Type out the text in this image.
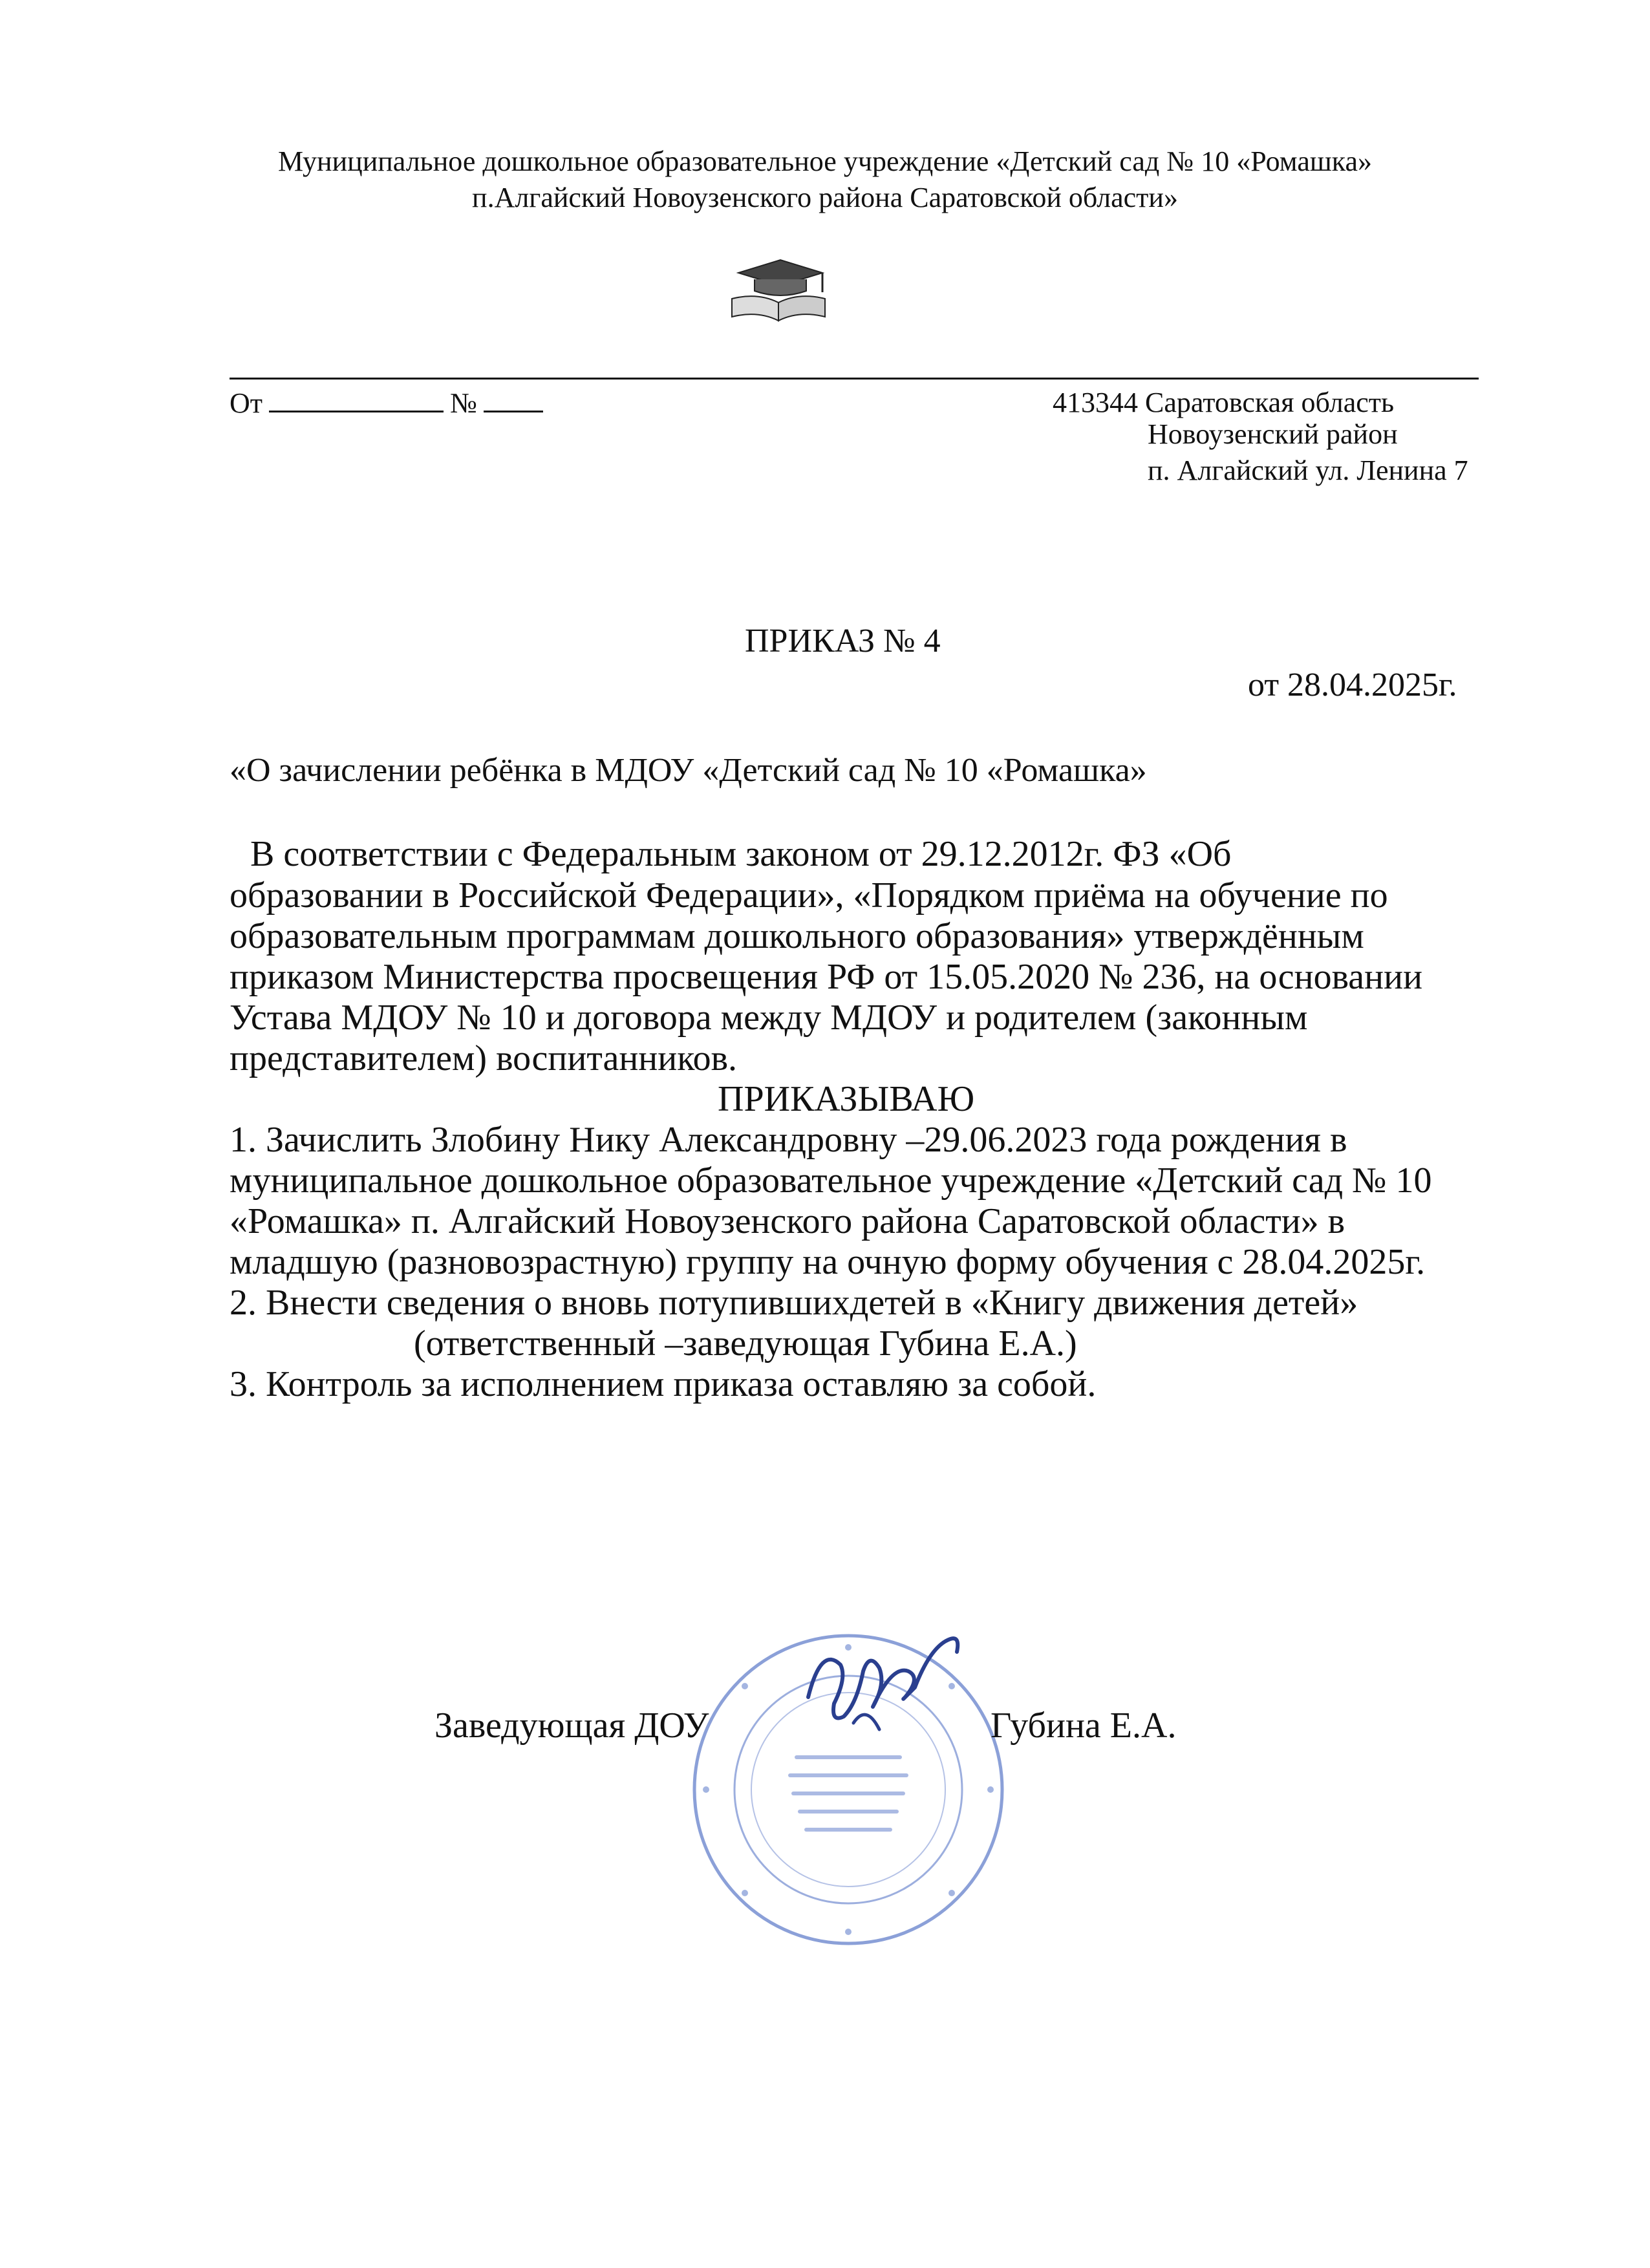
Муниципальное дошкольное образовательное учреждение «Детский сад № 10 «Ромашка»
п.Алгайский Новоузенского района Саратовской области»
От	№	413344 Саратовская область
Новоузенский район
п. Алгайский ул. Ленина 7
ПРИКАЗ № 4
от 28.04.2025г.
«О зачислении ребёнка в МДОУ «Детский сад № 10 «Ромашка»
В соответствии с Федеральным законом от 29.12.2012г. ФЗ «Об
образовании в Российской Федерации», «Порядком приёма на обучение по
образовательным программам дошкольного образования» утверждённым
приказом Министерства просвещения РФ от 15.05.2020 № 236, на основании
Устава МДОУ № 10 и договора между МДОУ и родителем (законным
представителем) воспитанников.
ПРИКАЗЫВАЮ
1. Зачислить Злобину Нику Александровну –29.06.2023 года рождения в
муниципальное дошкольное образовательное учреждение «Детский сад № 10
«Ромашка» п. Алгайский Новоузенского района Саратовской области» в
младшую (разновозрастную) группу на очную форму обучения с 28.04.2025г.
2. Внести сведения о вновь потупившихдетей в «Книгу движения детей»
(ответственный –заведующая Губина Е.А.)
3. Контроль за исполнением приказа оставляю за собой.
Заведующая ДОУ	Губина Е.А.
